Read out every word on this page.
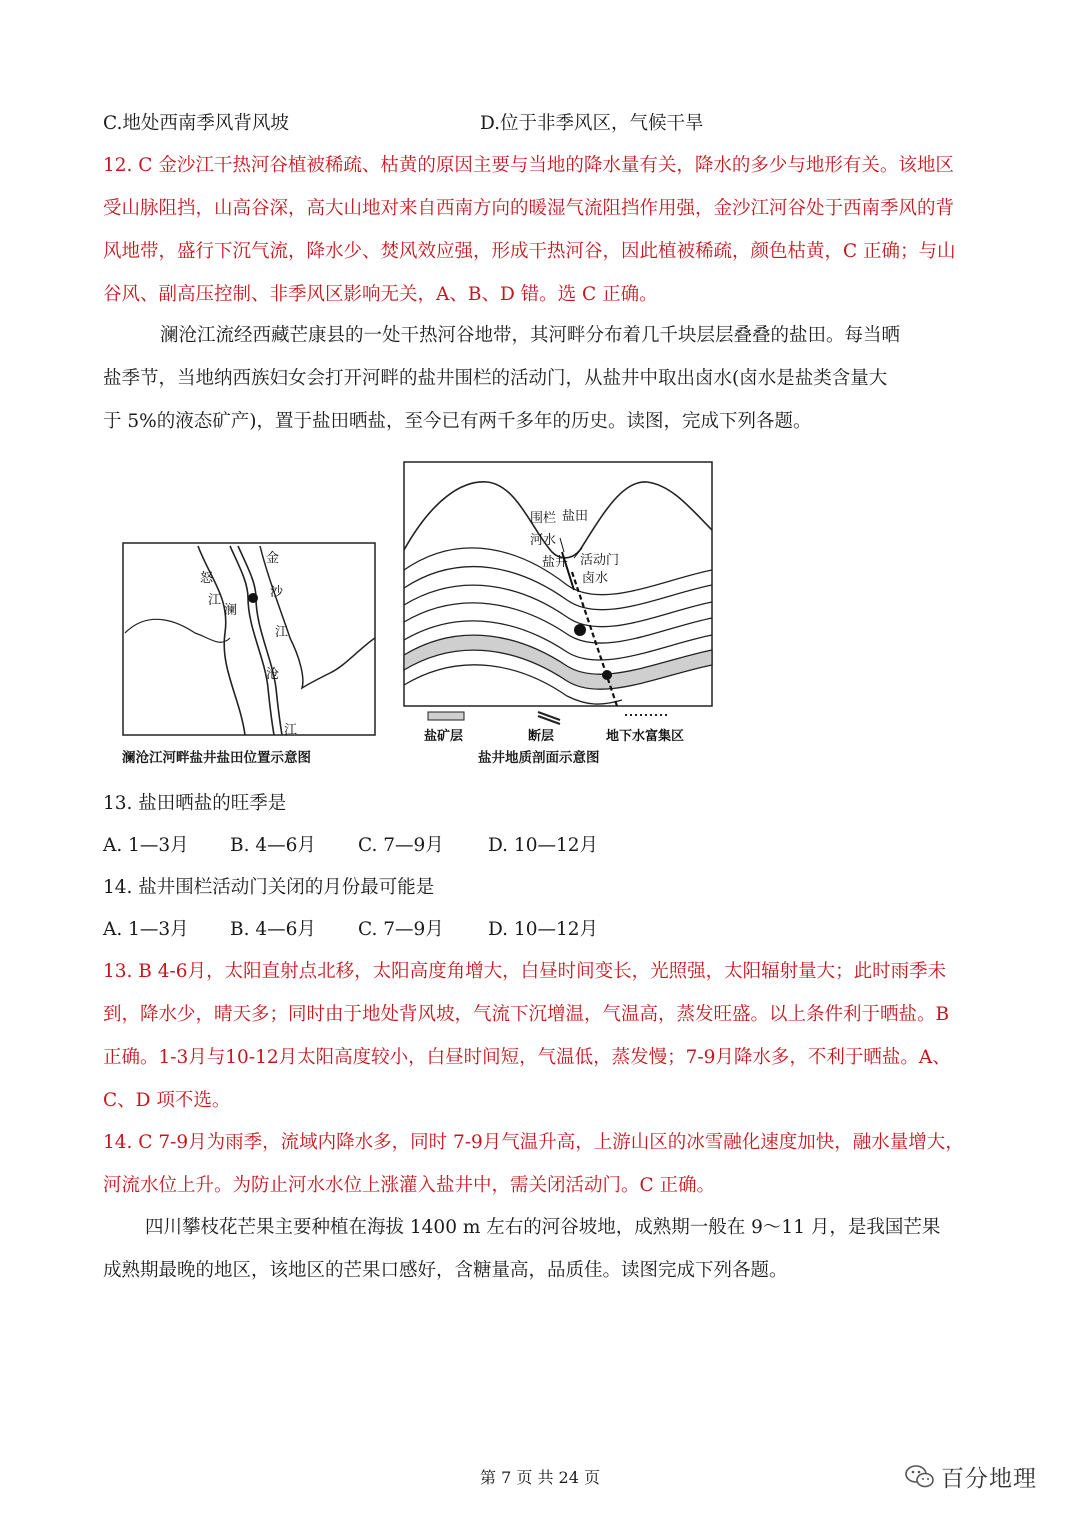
C.地处西南季风背风坡	D.位于非季风区，气候干旱
12. C 金沙江干热河谷植被稀疏、枯黄的原因主要与当地的降水量有关，降水的多少与地形有关。该地区
受山脉阻挡，山高谷深，高大山地对来自西南方向的暖湿气流阻挡作用强，金沙江河谷处于西南季风的背
风地带，盛行下沉气流，降水少、焚风效应强，形成干热河谷，因此植被稀疏，颜色枯黄，C 正确；与山
谷风、副高压控制、非季风区影响无关，A、B、D 错。选 C 正确。
澜沧江流经西藏芒康县的一处干热河谷地带，其河畔分布着几千块层层叠叠的盐田。每当晒
盐季节，当地纳西族妇女会打开河畔的盐井围栏的活动门，从盐井中取出卤水(卤水是盐类含量大
于 5%的液态矿产)，置于盐田晒盐，至今已有两千多年的历史。读图，完成下列各题。
金
沙
江
澜
沧
江
怒
江
澜沧江河畔盐井盐田位置示意图
围栏 盐田
河水
活动门
盐井
卤水
盐矿层	断层	地下水富集区
盐井地质剖面示意图
13. 盐田晒盐的旺季是
A. 1—3月 B. 4—6月 C. 7—9月 D. 10—12月
14. 盐井围栏活动门关闭的月份最可能是
A. 1—3月 B. 4—6月 C. 7—9月 D. 10—12月
13. B 4-6月，太阳直射点北移，太阳高度角增大，白昼时间变长，光照强，太阳辐射量大；此时雨季未
到，降水少，晴天多；同时由于地处背风坡，气流下沉增温，气温高，蒸发旺盛。以上条件利于晒盐。B
正确。1-3月与10-12月太阳高度较小，白昼时间短，气温低，蒸发慢；7-9月降水多，不利于晒盐。A、
C、D 项不选。
14. C 7-9月为雨季，流域内降水多，同时 7-9月气温升高，上游山区的冰雪融化速度加快，融水量增大，
河流水位上升。为防止河水水位上涨灌入盐井中，需关闭活动门。C 正确。
四川攀枝花芒果主要种植在海拔 1400 m 左右的河谷坡地，成熟期一般在 9～11 月，是我国芒果
成熟期最晚的地区，该地区的芒果口感好，含糖量高，品质佳。读图完成下列各题。
第 7 页 共 24 页	百分地理
